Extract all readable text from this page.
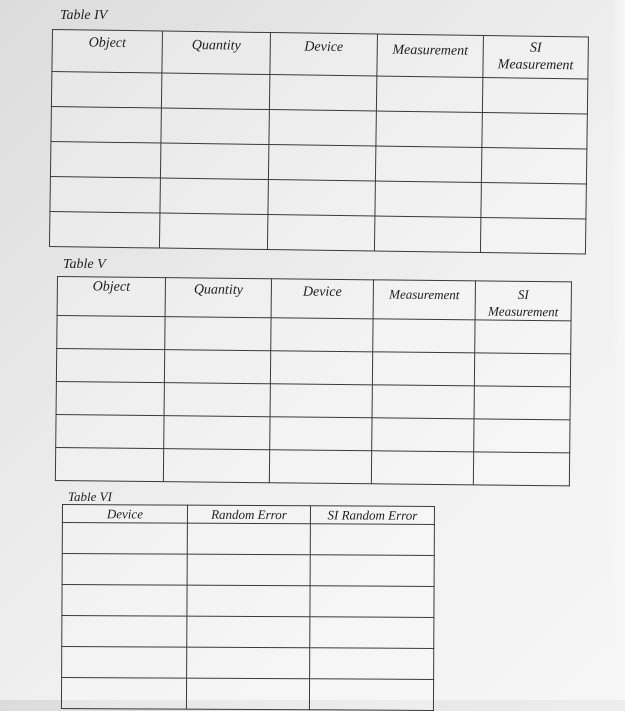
Table IV
Object	Quantity	Device	Measurement	SI Measurement

Table V
Object	Quantity	Device	Measurement	SI Measurement

Table VI
Device	Random Error	SI Random Error
